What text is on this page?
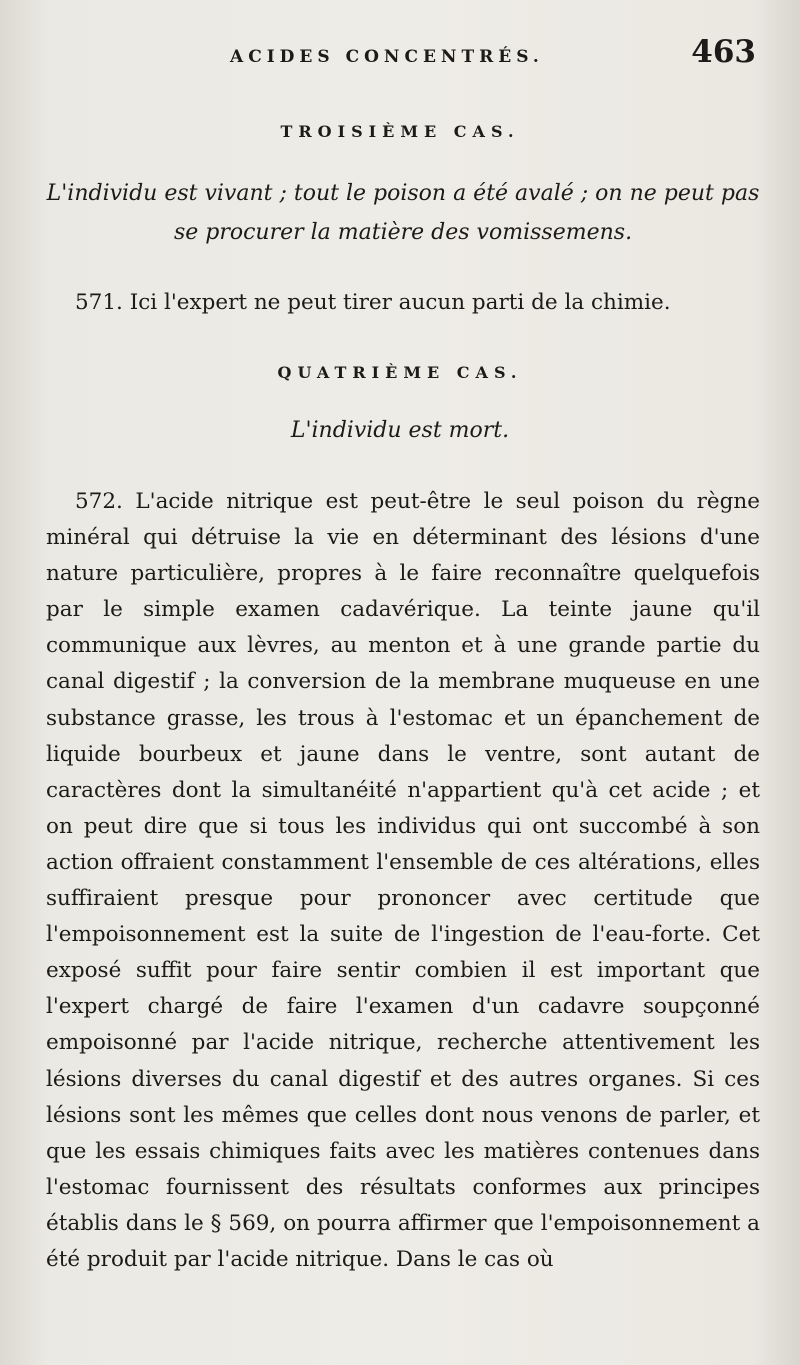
ACIDES CONCENTRÉS.	463
TROISIÈME CAS.
L'individu est vivant ; tout le poison a été avalé ; on ne peut pas se procurer la matière des vomissemens.
571. Ici l'expert ne peut tirer aucun parti de la chimie.
QUATRIÈME CAS.
L'individu est mort.
572. L'acide nitrique est peut-être le seul poison du règne minéral qui détruise la vie en déterminant des lésions d'une nature particulière, propres à le faire reconnaître quelquefois par le simple examen cadavérique. La teinte jaune qu'il communique aux lèvres, au menton et à une grande partie du canal digestif ; la conversion de la membrane muqueuse en une substance grasse, les trous à l'estomac et un épanchement de liquide bourbeux et jaune dans le ventre, sont autant de caractères dont la simultanéité n'appartient qu'à cet acide ; et on peut dire que si tous les individus qui ont succombé à son action offraient constamment l'ensemble de ces altérations, elles suffiraient presque pour prononcer avec certitude que l'empoisonnement est la suite de l'ingestion de l'eau-forte. Cet exposé suffit pour faire sentir combien il est important que l'expert chargé de faire l'examen d'un cadavre soupçonné empoisonné par l'acide nitrique, recherche attentivement les lésions diverses du canal digestif et des autres organes. Si ces lésions sont les mêmes que celles dont nous venons de parler, et que les essais chimiques faits avec les matières contenues dans l'estomac fournissent des résultats conformes aux principes établis dans le § 569, on pourra affirmer que l'empoisonnement a été produit par l'acide nitrique. Dans le cas où
